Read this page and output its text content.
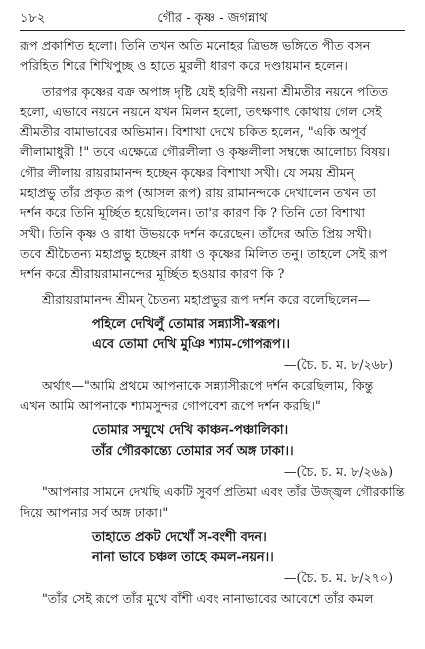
১৮২	গৌর - কৃষ্ণ - জগন্নাথ

রূপ প্রকাশিত হলো। তিনি তখন অতি মনোহর ত্রিভঙ্গ ভঙ্গিতে পীত বসন
পরিহিত শিরে শিখিপুচ্ছ ও হাতে মুরলী ধারণ করে দণ্ডায়মান হলেন।

তারপর কৃষ্ণের বক্র অপাঙ্গ দৃষ্টি যেই হরিণী নয়না শ্রীমতীর নয়নে পতিত
হলো, এভাবে নয়নে নয়নে যখন মিলন হলো, তৎক্ষণাৎ কোথায় গেল সেই
শ্রীমতীর বামাভাবের অভিমান। বিশাখা দেখে চকিত হলেন, "একি অপূর্ব
লীলামাধুরী !" তবে এক্ষেত্রে গৌরলীলা ও কৃষ্ণলীলা সম্বন্ধে আলোচ্য বিষয়।
গৌর লীলায় রায়রামানন্দ হচ্ছেন কৃষ্ণের বিশাখা সখী। যে সময় শ্রীমন্
মহাপ্রভু তাঁর প্রকৃত রূপ (আসল রূপ) রায় রামানন্দকে দেখালেন তখন তা
দর্শন করে তিনি মূর্চ্ছিত হয়েছিলেন। তা'র কারণ কি ? তিনি তো বিশাখা
সখী। তিনি কৃষ্ণ ও রাধা উভয়কে দর্শন করেছেন। তাঁদের অতি প্রিয় সখী।
তবে শ্রীচৈতন্য মহাপ্রভু হচ্ছেন রাধা ও কৃষ্ণের মিলিত তনু। তাহলে সেই রূপ
দর্শন করে শ্রীরায়রামানন্দের মূর্চ্ছিত হওয়ার কারণ কি ?

শ্রীরায়রামানন্দ শ্রীমন্ চৈতন্য মহাপ্রভুর রূপ দর্শন করে বলেছিলেন—

পহিলে দেখিলুঁ তোমার সন্ন্যাসী-স্বরূপ।
এবে তোমা দেখি মুঞি শ্যাম-গোপরূপ।।

—(চৈ. চ. ম. ৮/২৬৮)

অর্থাৎ—"আমি প্রথমে আপনাকে সন্ন্যাসীরূপে দর্শন করেছিলাম, কিন্তু
এখন আমি আপনাকে শ্যামসুন্দর গোপবেশ রূপে দর্শন করছি।"

তোমার সম্মুখে দেখি কাঞ্চন-পঞ্চালিকা।
তাঁর গৌরকান্ত্যে তোমার সর্ব অঙ্গ ঢাকা।।

—(চৈ. চ. ম. ৮/২৬৯)

"আপনার সামনে দেখছি একটি সুবর্ণ প্রতিমা এবং তাঁর উজ্জ্বল গৌরকান্তি
দিয়ে আপনার সর্ব অঙ্গ ঢাকা।"

তাহাতে প্রকট দেখোঁ স-বংশী বদন।
নানা ভাবে চঞ্চল তাহে কমল-নয়ন।।

—(চৈ. চ. ম. ৮/২৭০)

"তাঁর সেই রূপে তাঁর মুখে বাঁশী এবং নানাভাবের আবেশে তাঁর কমল
